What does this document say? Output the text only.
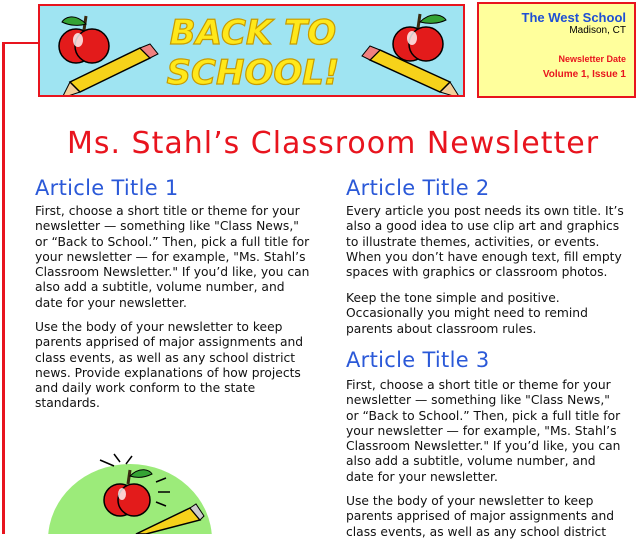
BACK TO
SCHOOL!
The West School
Madison, CT
Newsletter Date
Volume 1, Issue 1
Ms. Stahl’s Classroom Newsletter
Article Title 1

First, choose a short title or theme for your newsletter — something like "Class News," or “Back to School.” Then, pick a full title for your newsletter — for example, "Ms. Stahl’s Classroom Newsletter." If you’d like, you can also add a subtitle, volume number, and date for your newsletter.

Use the body of your newsletter to keep parents apprised of major assignments and class events, as well as any school district news. Provide explanations of how projects and daily work conform to the state standards.

Article Title 2

Every article you post needs its own title. It’s also a good idea to use clip art and graphics to illustrate themes, activities, or events. When you don’t have enough text, fill empty spaces with graphics or classroom photos.

Keep the tone simple and positive. Occasionally you might need to remind parents about classroom rules.

Article Title 3

First, choose a short title or theme for your newsletter — something like "Class News," or “Back to School.” Then, pick a full title for your newsletter — for example, "Ms. Stahl’s Classroom Newsletter." If you’d like, you can also add a subtitle, volume number, and date for your newsletter.

Use the body of your newsletter to keep parents apprised of major assignments and class events, as well as any school district
